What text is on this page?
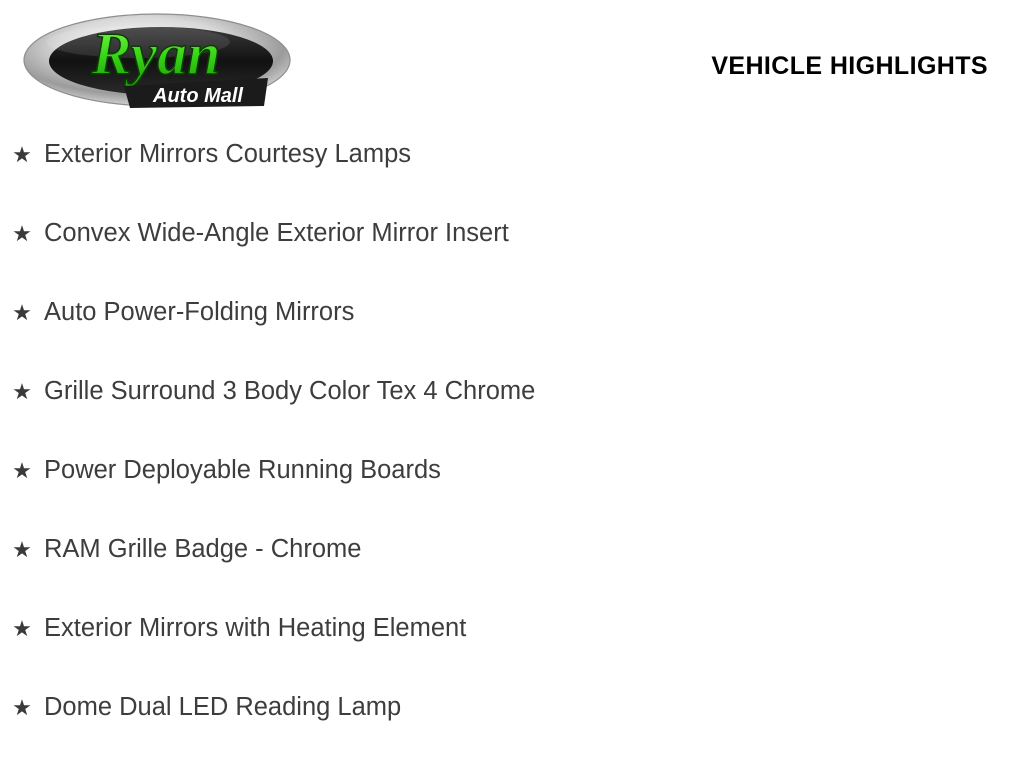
Ryan
Auto Mall
VEHICLE HIGHLIGHTS
★ Exterior Mirrors Courtesy Lamps
★ Convex Wide-Angle Exterior Mirror Insert
★ Auto Power-Folding Mirrors
★ Grille Surround 3 Body Color Tex 4 Chrome
★ Power Deployable Running Boards
★ RAM Grille Badge - Chrome
★ Exterior Mirrors with Heating Element
★ Dome Dual LED Reading Lamp
